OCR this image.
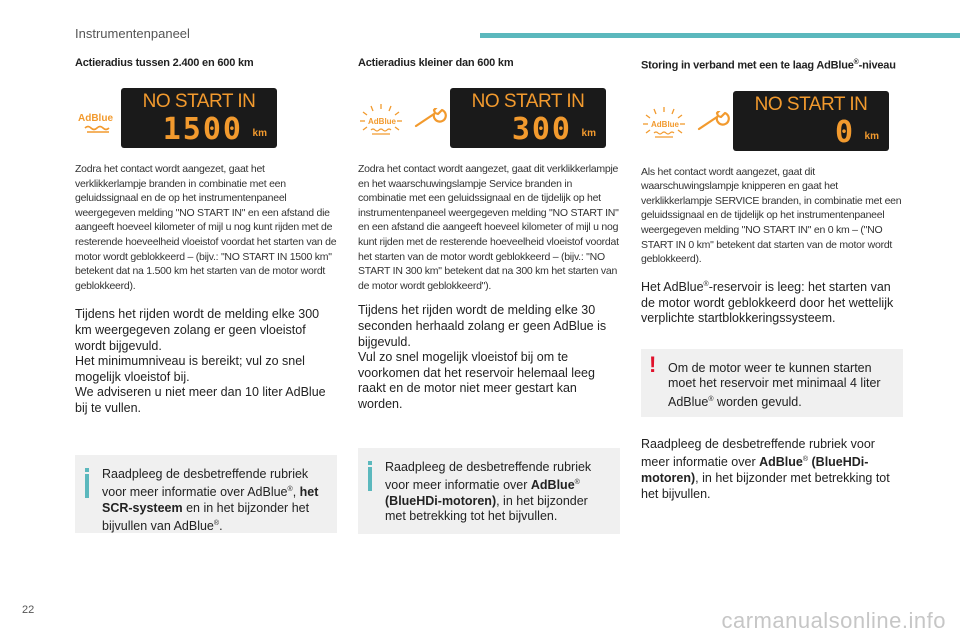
Instrumentenpaneel
Actieradius tussen 2.400 en 600 km
AdBlue
NO START IN
1500 km

Zodra het contact wordt aangezet, gaat het verklikkerlampje branden in combinatie met een geluidssignaal en de op het instrumentenpaneel weergegeven melding "NO START IN" en een afstand die aangeeft hoeveel kilometer of mijl u nog kunt rijden met de resterende hoeveelheid vloeistof voordat het starten van de motor wordt geblokkeerd – (bijv.: "NO START IN 1500 km" betekent dat na 1.500 km het starten van de motor wordt geblokkeerd).

Tijdens het rijden wordt de melding elke 300 km weergegeven zolang er geen vloeistof wordt bijgevuld.

Het minimumniveau is bereikt; vul zo snel mogelijk vloeistof bij.

We adviseren u niet meer dan 10 liter AdBlue bij te vullen.

Raadpleeg de desbetreffende rubriek voor meer informatie over AdBlue®, het SCR-systeem en in het bijzonder het bijvullen van AdBlue®.
Actieradius kleiner dan 600 km
AdBlue
NO START IN
300 km

Zodra het contact wordt aangezet, gaat dit verklikkerlampje en het waarschuwingslampje Service branden in combinatie met een geluidssignaal en de tijdelijk op het instrumentenpaneel weergegeven melding "NO START IN" en een afstand die aangeeft hoeveel kilometer of mijl u nog kunt rijden met de resterende hoeveelheid vloeistof voordat het starten van de motor wordt geblokkeerd – (bijv.: "NO START IN 300 km" betekent dat na 300 km het starten van de motor wordt geblokkeerd").

Tijdens het rijden wordt de melding elke 30 seconden herhaald zolang er geen AdBlue is bijgevuld.

Vul zo snel mogelijk vloeistof bij om te voorkomen dat het reservoir helemaal leeg raakt en de motor niet meer gestart kan worden.

Raadpleeg de desbetreffende rubriek voor meer informatie over AdBlue® (BlueHDi-motoren), in het bijzonder met betrekking tot het bijvullen.
Storing in verband met een te laag AdBlue®-niveau
AdBlue
NO START IN
0 km

Als het contact wordt aangezet, gaat dit waarschuwingslampje knipperen en gaat het verklikkerlampje SERVICE branden, in combinatie met een geluidssignaal en de tijdelijk op het instrumentenpaneel weergegeven melding "NO START IN" en 0 km – ("NO START IN 0 km" betekent dat starten van de motor wordt geblokkeerd).

Het AdBlue®-reservoir is leeg: het starten van de motor wordt geblokkeerd door het wettelijk verplichte startblokkeringssysteem.

! Om de motor weer te kunnen starten moet het reservoir met minimaal 4 liter AdBlue® worden gevuld.

Raadpleeg de desbetreffende rubriek voor meer informatie over AdBlue® (BlueHDi-motoren), in het bijzonder met betrekking tot het bijvullen.

22	carmanualsonline.info
